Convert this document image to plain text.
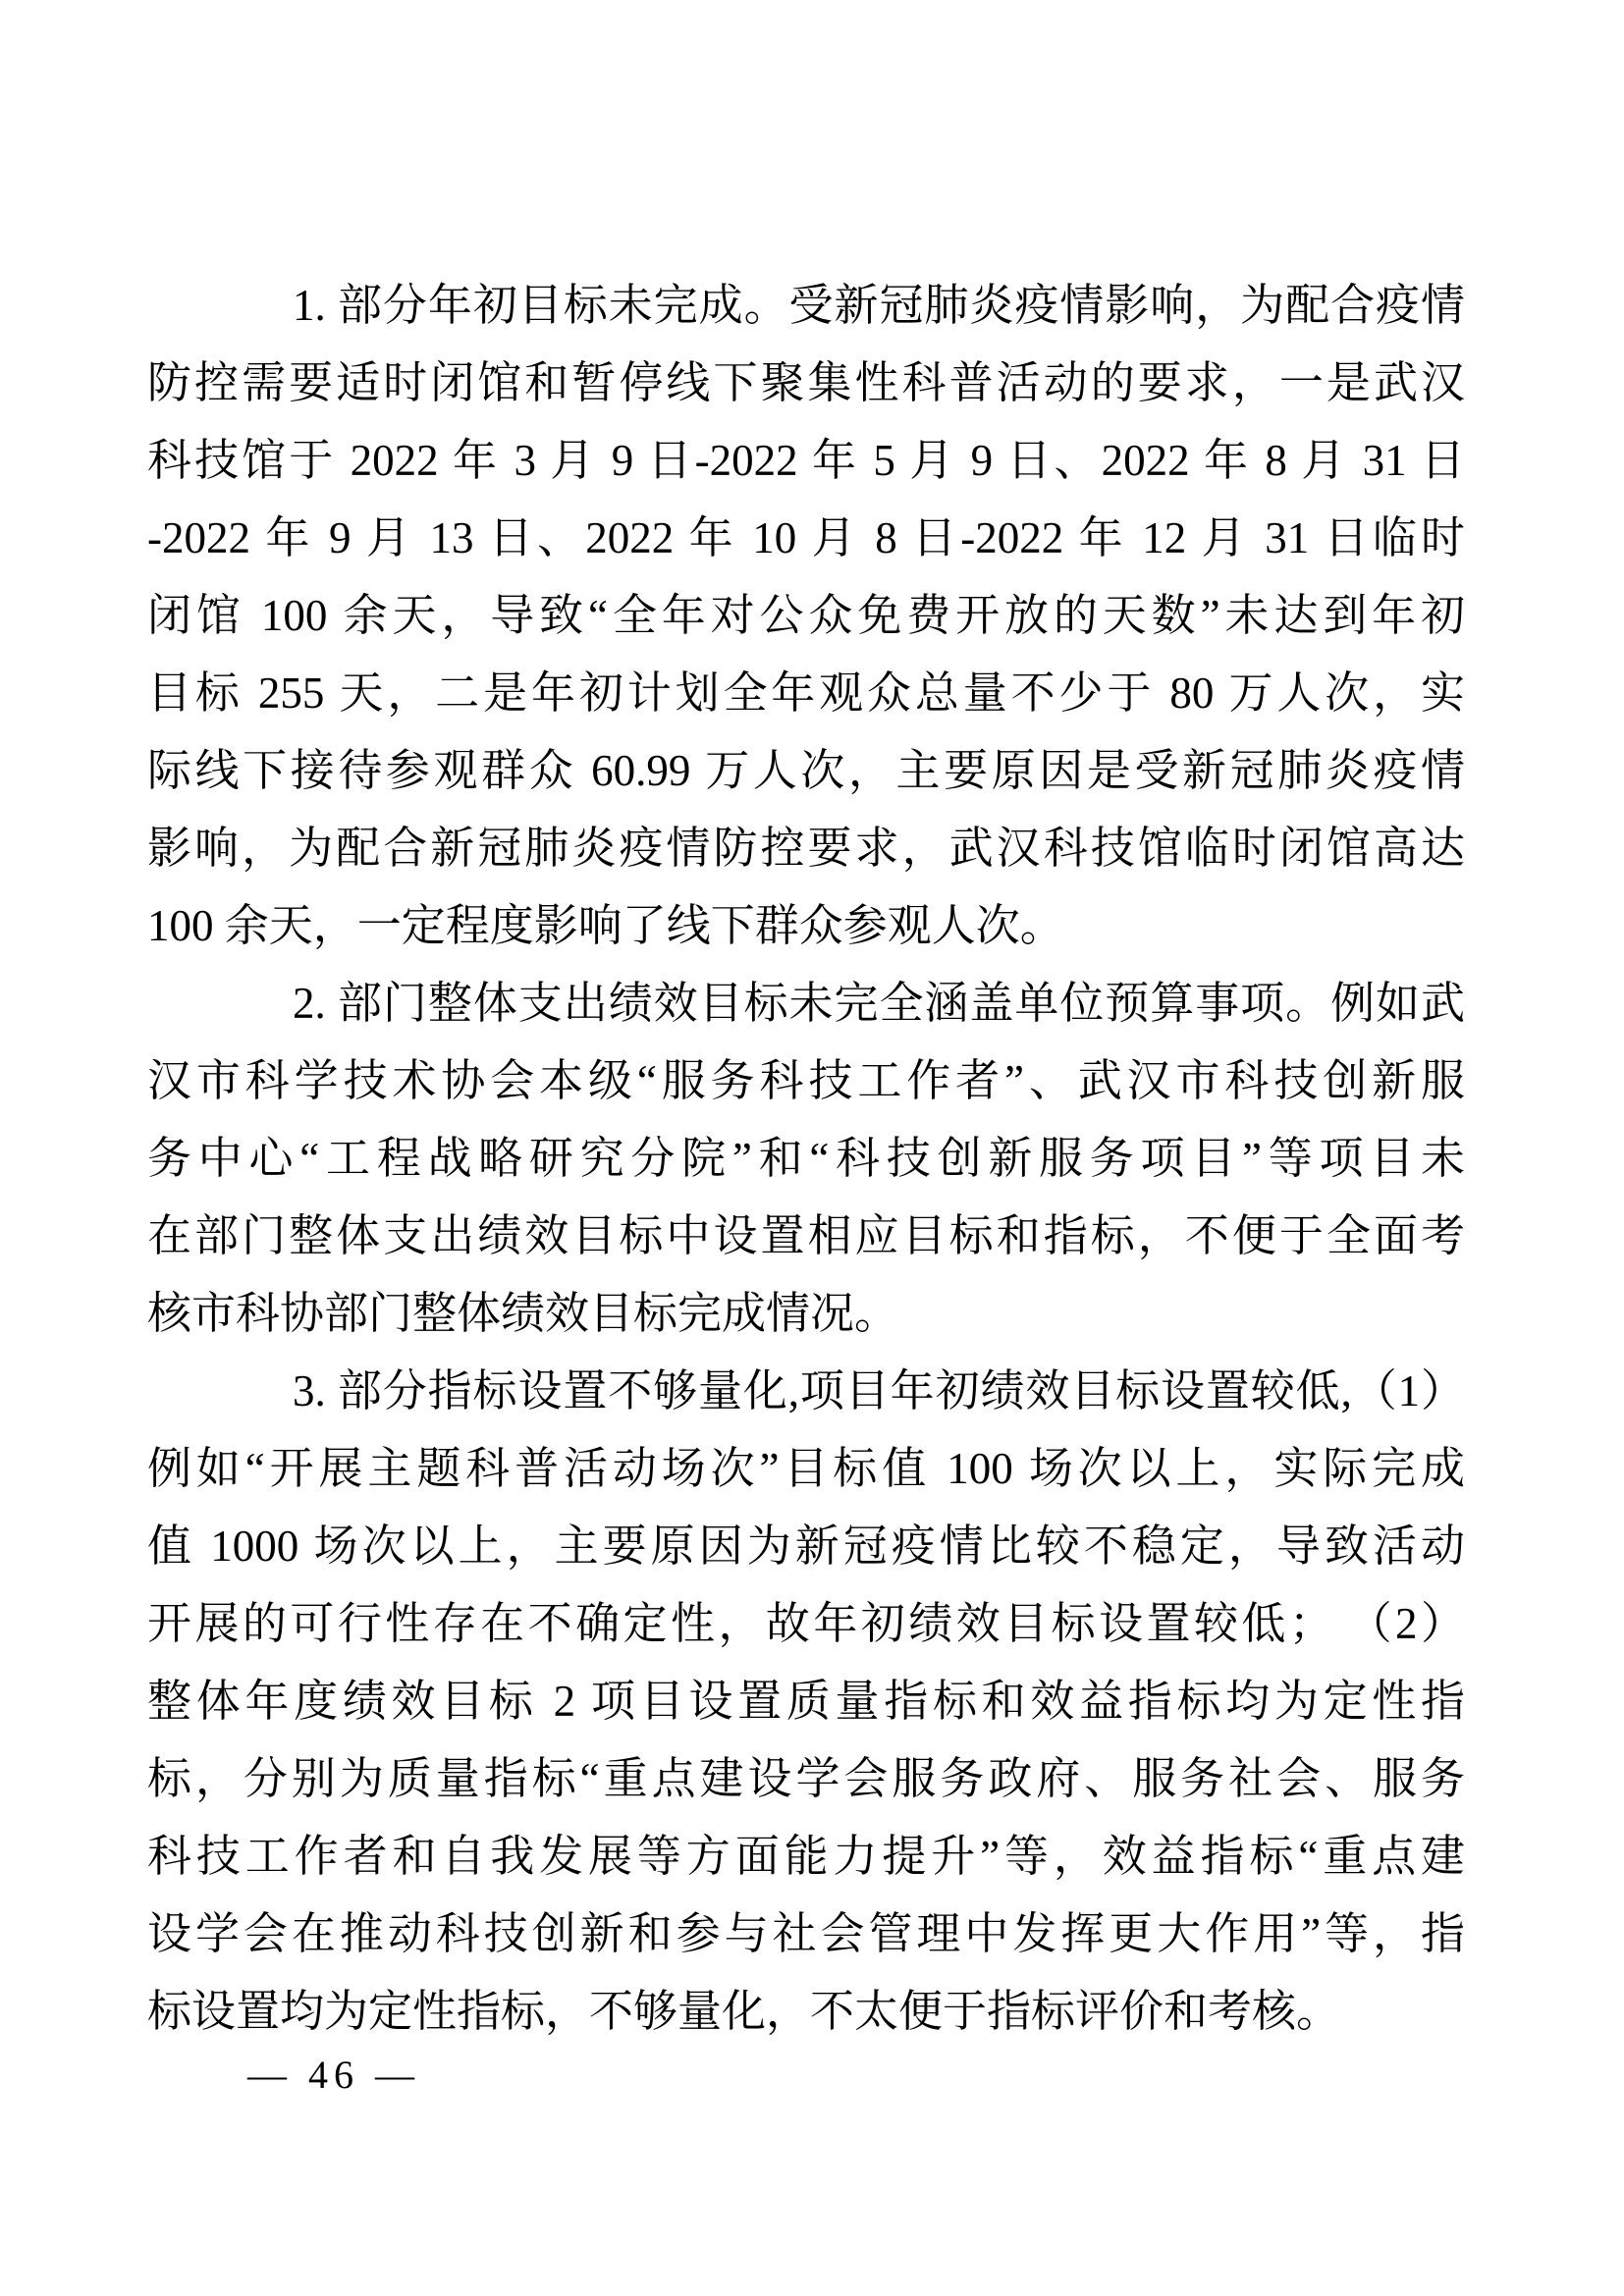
1. 部分年初目标未完成。受新冠肺炎疫情影响，为配合疫情

防控需要适时闭馆和暂停线下聚集性科普活动的要求，一是武汉

科技馆于 2022 年 3 月 9 日-2022 年 5 月 9 日、2022 年 8 月 31 日

-2022 年 9 月 13 日、2022 年 10 月 8 日-2022 年 12 月 31 日临时

闭馆 100 余天，导致“全年对公众免费开放的天数”未达到年初

目标 255 天，二是年初计划全年观众总量不少于 80 万人次，实

际线下接待参观群众 60.99 万人次，主要原因是受新冠肺炎疫情

影响，为配合新冠肺炎疫情防控要求，武汉科技馆临时闭馆高达

100 余天，一定程度影响了线下群众参观人次。

2. 部门整体支出绩效目标未完全涵盖单位预算事项。例如武

汉市科学技术协会本级“服务科技工作者”、武汉市科技创新服

务中心“工程战略研究分院”和“科技创新服务项目”等项目未

在部门整体支出绩效目标中设置相应目标和指标，不便于全面考

核市科协部门整体绩效目标完成情况。

3. 部分指标设置不够量化,项目年初绩效目标设置较低,（1）

例如“开展主题科普活动场次”目标值 100 场次以上，实际完成

值 1000 场次以上，主要原因为新冠疫情比较不稳定，导致活动

开展的可行性存在不确定性，故年初绩效目标设置较低； （2）

整体年度绩效目标 2 项目设置质量指标和效益指标均为定性指

标，分别为质量指标“重点建设学会服务政府、服务社会、服务

科技工作者和自我发展等方面能力提升”等，效益指标“重点建

设学会在推动科技创新和参与社会管理中发挥更大作用”等，指

标设置均为定性指标，不够量化，不太便于指标评价和考核。

— 46 —
